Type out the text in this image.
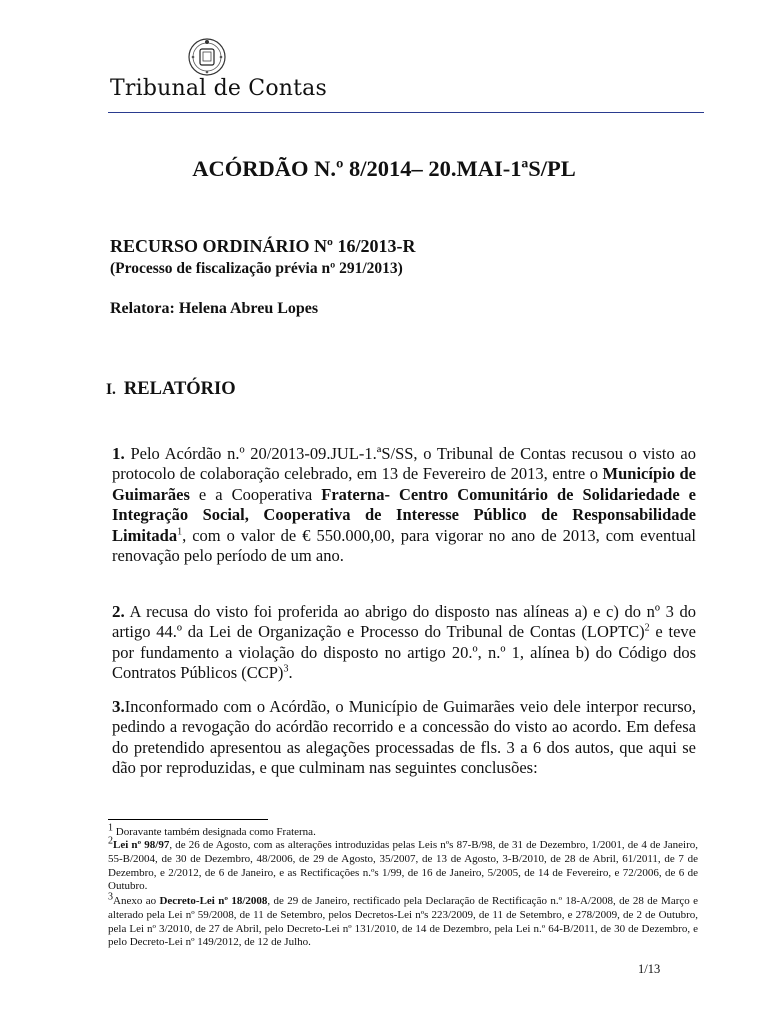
Tribunal de Contas
ACÓRDÃO N.º 8/2014– 20.MAI-1ªS/PL
RECURSO ORDINÁRIO Nº 16/2013-R
(Processo de fiscalização prévia nº 291/2013)
Relatora: Helena Abreu Lopes
I. RELATÓRIO
1. Pelo Acórdão n.º 20/2013-09.JUL-1.ªS/SS, o Tribunal de Contas recusou o visto ao protocolo de colaboração celebrado, em 13 de Fevereiro de 2013, entre o Município de Guimarães e a Cooperativa Fraterna- Centro Comunitário de Solidariedade e Integração Social, Cooperativa de Interesse Público de Responsabilidade Limitada$^1$, com o valor de € 550.000,00, para vigorar no ano de 2013, com eventual renovação pelo período de um ano.
2. A recusa do visto foi proferida ao abrigo do disposto nas alíneas a) e c) do nº 3 do artigo 44.º da Lei de Organização e Processo do Tribunal de Contas (LOPTC)$^2$ e teve por fundamento a violação do disposto no artigo 20.º, n.º 1, alínea b) do Código dos Contratos Públicos (CCP)$^3$.
3.Inconformado com o Acórdão, o Município de Guimarães veio dele interpor recurso, pedindo a revogação do acórdão recorrido e a concessão do visto ao acordo. Em defesa do pretendido apresentou as alegações processadas de fls. 3 a 6 dos autos, que aqui se dão por reproduzidas, e que culminam nas seguintes conclusões:
$^1$ Doravante também designada como Fraterna.
$^2$Lei nº 98/97, de 26 de Agosto, com as alterações introduzidas pelas Leis nºs 87-B/98, de 31 de Dezembro, 1/2001, de 4 de Janeiro, 55-B/2004, de 30 de Dezembro, 48/2006, de 29 de Agosto, 35/2007, de 13 de Agosto, 3-B/2010, de 28 de Abril, 61/2011, de 7 de Dezembro, e 2/2012, de 6 de Janeiro, e as Rectificações n.ºs 1/99, de 16 de Janeiro, 5/2005, de 14 de Fevereiro, e 72/2006, de 6 de Outubro.
$^3$Anexo ao Decreto-Lei nº 18/2008, de 29 de Janeiro, rectificado pela Declaração de Rectificação n.º 18-A/2008, de 28 de Março e alterado pela Lei nº 59/2008, de 11 de Setembro, pelos Decretos-Lei nºs 223/2009, de 11 de Setembro, e 278/2009, de 2 de Outubro, pela Lei nº 3/2010, de 27 de Abril, pelo Decreto-Lei nº 131/2010, de 14 de Dezembro, pela Lei n.º 64-B/2011, de 30 de Dezembro, e pelo Decreto-Lei nº 149/2012, de 12 de Julho.
1/13
